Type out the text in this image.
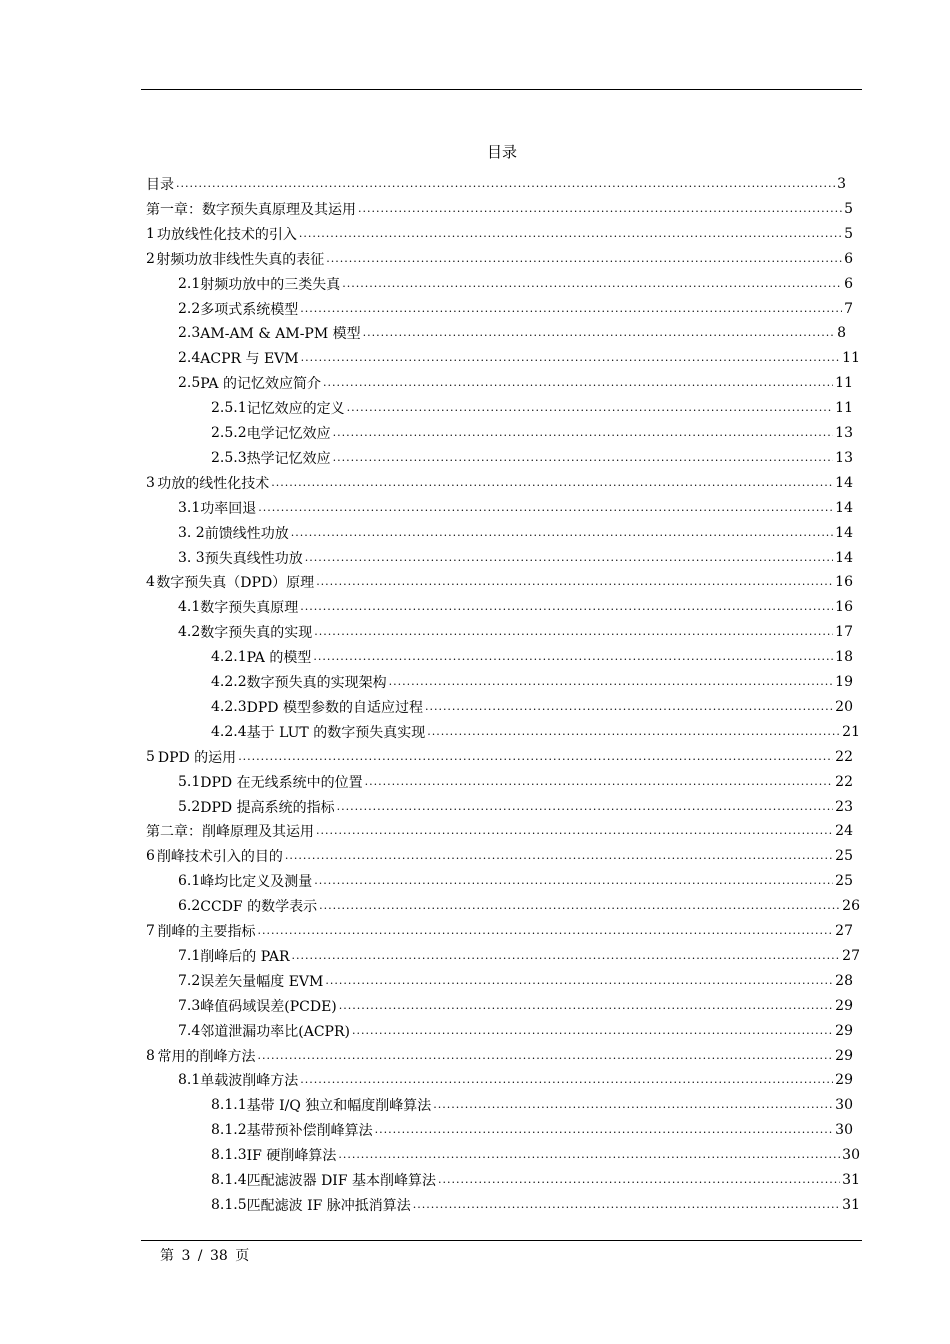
目录
目录 .....	3
第一章： 数字预失真原理及其运用 .....	5
1 功放线性化技术的引入 .....	5
2 射频功放非线性失真的表征 .....	6
2.1 射频功放中的三类失真 .....	6
2.2 多项式系统模型 .....	7
2.3 AM-AM & AM-PM 模型 .....	8
2.4 ACPR 与 EVM .....	11
2.5 PA 的记忆效应简介 .....	11
2.5.1 记忆效应的定义 .....	11
2.5.2 电学记忆效应 .....	13
2.5.3 热学记忆效应 .....	13
3 功放的线性化技术 .....	14
3.1 功率回退 .....	14
3. 2 前馈线性功放 .....	14
3. 3 预失真线性功放 .....	14
4 数字预失真（DPD）原理 .....	16
4.1 数字预失真原理 .....	16
4.2 数字预失真的实现 .....	17
4.2.1 PA 的模型 .....	18
4.2.2 数字预失真的实现架构 .....	19
4.2.3 DPD 模型参数的自适应过程 .....	20
4.2.4 基于 LUT 的数字预失真实现 .....	21
5 DPD 的运用 .....	22
5.1 DPD 在无线系统中的位置 .....	22
5.2 DPD 提高系统的指标 .....	23
第二章： 削峰原理及其运用 .....	24
6 削峰技术引入的目的 .....	25
6.1 峰均比定义及测量 .....	25
6.2 CCDF 的数学表示 .....	26
7 削峰的主要指标 .....	27
7.1 削峰后的 PAR .....	27
7.2 误差矢量幅度 EVM .....	28
7.3 峰值码域误差(PCDE) .....	29
7.4 邻道泄漏功率比(ACPR) .....	29
8 常用的削峰方法 .....	29
8.1 单载波削峰方法 .....	29
8.1.1 基带 I/Q 独立和幅度削峰算法 .....	30
8.1.2 基带预补偿削峰算法 .....	30
8.1.3 IF 硬削峰算法 .....	30
8.1.4 匹配滤波器 DIF 基本削峰算法 .....	31
8.1.5 匹配滤波 IF 脉冲抵消算法 .....	31
第 3 / 38 页
